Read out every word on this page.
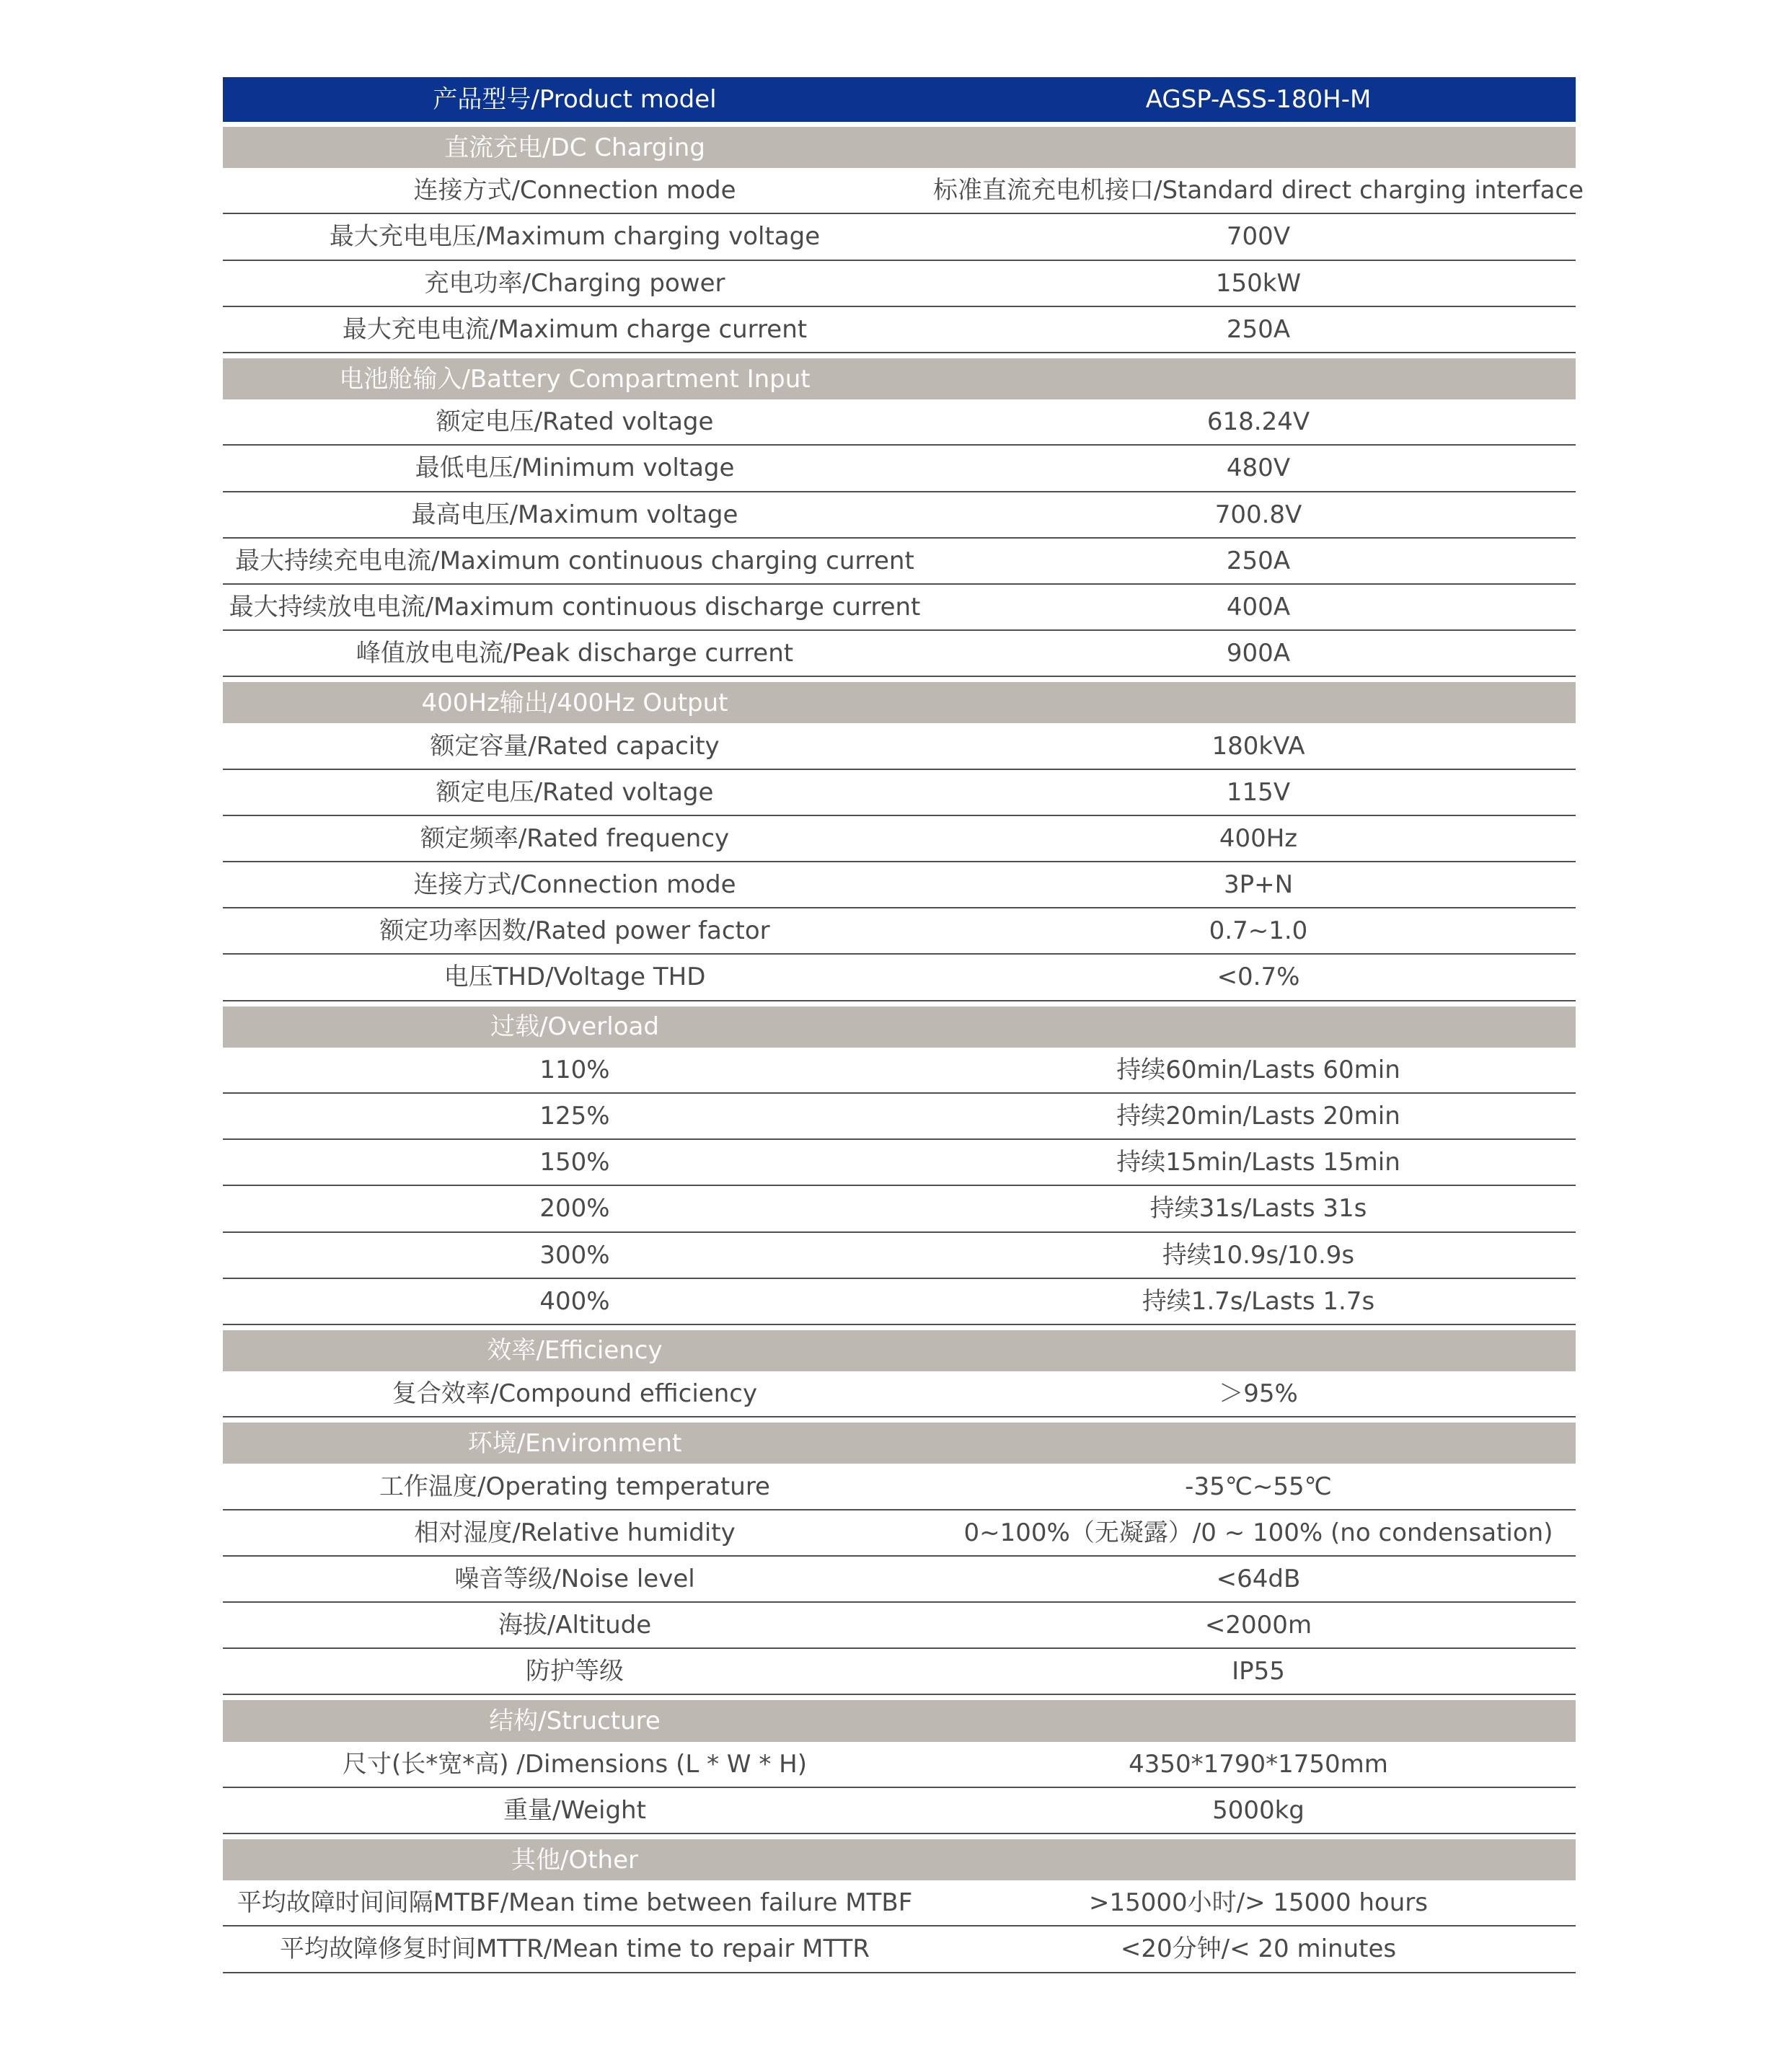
产品型号/Product model	AGSP-ASS-180H-M
直流充电/DC Charging
连接方式/Connection mode	标准直流充电机接口/Standard direct charging interface
最大充电电压/Maximum charging voltage	700V
充电功率/Charging power	150kW
最大充电电流/Maximum charge current	250A
电池舱输入/Battery Compartment Input
额定电压/Rated voltage	618.24V
最低电压/Minimum voltage	480V
最高电压/Maximum voltage	700.8V
最大持续充电电流/Maximum continuous charging current	250A
最大持续放电电流/Maximum continuous discharge current	400A
峰值放电电流/Peak discharge current	900A
400Hz输出/400Hz Output
额定容量/Rated capacity	180kVA
额定电压/Rated voltage	115V
额定频率/Rated frequency	400Hz
连接方式/Connection mode	3P+N
额定功率因数/Rated power factor	0.7~1.0
电压THD/Voltage THD	<0.7%
过载/Overload
110%	持续60min/Lasts 60min
125%	持续20min/Lasts 20min
150%	持续15min/Lasts 15min
200%	持续31s/Lasts 31s
300%	持续10.9s/10.9s
400%	持续1.7s/Lasts 1.7s
效率/Efficiency
复合效率/Compound efficiency	＞95%
环境/Environment
工作温度/Operating temperature	-35℃~55℃
相对湿度/Relative humidity	0~100%（无凝露）/0 ~ 100% (no condensation)
噪音等级/Noise level	<64dB
海拔/Altitude	<2000m
防护等级	IP55
结构/Structure
尺寸(长*宽*高) /Dimensions (L * W * H)	4350*1790*1750mm
重量/Weight	5000kg
其他/Other
平均故障时间间隔MTBF/Mean time between failure MTBF	>15000小时/> 15000 hours
平均故障修复时间MTTR/Mean time to repair MTTR	<20分钟/< 20 minutes
